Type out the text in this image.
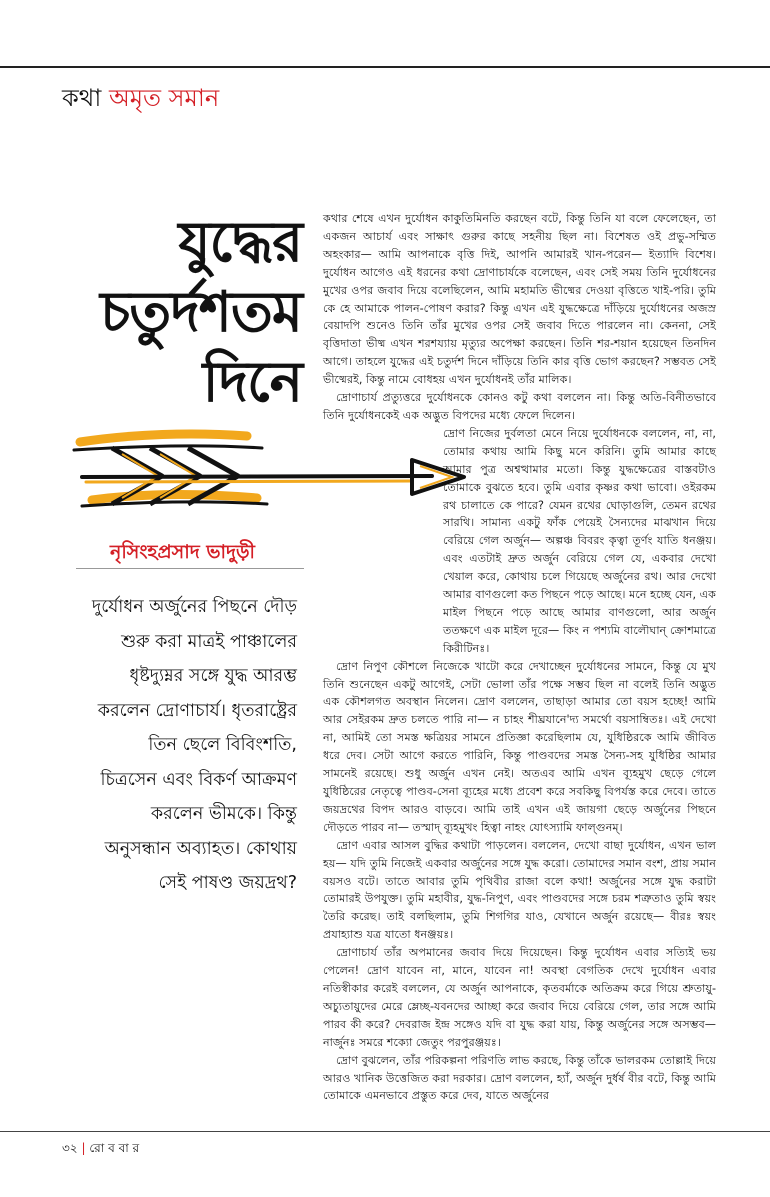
কথা অমৃত সমান
যুদ্ধের
চতুর্দশতম
দিনে
নৃসিংহপ্রসাদ ভাদুড়ী
দুর্যোধন অর্জুনের পিছনে দৌড় শুরু করা মাত্রই পাঞ্চালের ধৃষ্টদ্যুম্নর সঙ্গে যুদ্ধ আরম্ভ করলেন দ্রোণাচার্য। ধৃতরাষ্ট্রের তিন ছেলে বিবিংশতি, চিত্রসেন এবং বিকর্ণ আক্রমণ করলেন ভীমকে। কিন্তু অনুসন্ধান অব্যাহত। কোথায় সেই পাষণ্ড জয়দ্রথ?

কথার শেষে এখন দুর্যোধন কাকুতিমিনতি করছেন বটে, কিন্তু তিনি যা বলে ফেলেছেন, তা একজন আচার্য এবং সাক্ষাৎ গুরুর কাছে সহনীয় ছিল না। বিশেষত ওই প্রভু-সম্মিত অহংকার— আমি আপনাকে বৃত্তি দিই, আপনি আমারই খান-পরেন— ইত্যাদি বিশেষ। দুর্যোধন আগেও এই ধরনের কথা দ্রোণাচার্যকে বলেছেন, এবং সেই সময় তিনি দুর্যোধনের মুখের ওপর জবাব দিয়ে বলেছিলেন, আমি মহামতি ভীষ্মের দেওয়া বৃত্তিতে খাই-পরি। তুমি কে হে আমাকে পালন-পোষণ করার? কিন্তু এখন এই যুদ্ধক্ষেত্রে দাঁড়িয়ে দুর্যোধনের অজস্র বেয়াদপি শুনেও তিনি তাঁর মুখের ওপর সেই জবাব দিতে পারলেন না। কেননা, সেই বৃত্তিদাতা ভীষ্ম এখন শরশয্যায় মৃত্যুর অপেক্ষা করছেন। তিনি শর-শয়ান হয়েছেন তিনদিন আগে। তাহলে যুদ্ধের এই চতুর্দশ দিনে দাঁড়িয়ে তিনি কার বৃত্তি ভোগ করছেন? সম্ভবত সেই ভীষ্মেরই, কিন্তু নামে বোধহয় এখন দুর্যোধনই তাঁর মালিক।

দ্রোণাচার্য প্রত্যুত্তরে দুর্যোধনকে কোনও কটু কথা বললেন না। কিন্তু অতি-বিনীতভাবে তিনি দুর্যোধনকেই এক অদ্ভুত বিপদের মধ্যে ফেলে দিলেন।

দ্রোণ নিজের দুর্বলতা মেনে নিয়ে দুর্যোধনকে বললেন, না, না, তোমার কথায় আমি কিছু মনে করিনি। তুমি আমার কাছে আমার পুত্র অশ্বত্থামার মতো। কিন্তু যুদ্ধক্ষেত্রের বাস্তবটাও তোমাকে বুঝতে হবে। তুমি এবার কৃষ্ণর কথা ভাবো। ওইরকম রথ চালাতে কে পারে? যেমন রথের ঘোড়াগুলি, তেমন রথের সারথি। সামান্য একটু ফাঁক পেয়েই সৈন্যদের মাঝখান দিয়ে বেরিয়ে গেল অর্জুন— অল্পঞ্চ বিবরং কৃত্বা তূর্ণং যাতি ধনঞ্জয়। এবং এতটাই দ্রুত অর্জুন বেরিয়ে গেল যে, একবার দেখো খেয়াল করে, কোথায় চলে গিয়েছে অর্জুনের রথ। আর দেখো আমার বাণগুলো কত পিছনে পড়ে আছে। মনে হচ্ছে যেন, এক মাইল পিছনে পড়ে আছে আমার বাণগুলো, আর অর্জুন ততক্ষণে এক মাইল দূরে— কিং ন পশ্যমি বালৌঘান্ ক্রোশমাত্রে কিরীটিনঃ।

দ্রোণ নিপুণ কৌশলে নিজেকে খাটো করে দেখাচ্ছেন দুর্যোধনের সামনে, কিন্তু যে মুখ তিনি শুনেছেন একটু আগেই, সেটা ভোলা তাঁর পক্ষে সম্ভব ছিল না বলেই তিনি অদ্ভুত এক কৌশলগত অবস্থান নিলেন। দ্রোণ বললেন, তাছাড়া আমার তো বয়স হচ্ছে! আমি আর সেইরকম দ্রুত চলতে পারি না— ন চাহং শীঘ্রযানে'দ্য সমর্থো বয়সাম্বিতঃ। এই দেখো না, আমিই তো সমস্ত ক্ষত্রিয়র সামনে প্রতিজ্ঞা করেছিলাম যে, যুধিষ্ঠিরকে আমি জীবিত ধরে দেব। সেটা আগে করতে পারিনি, কিন্তু পাণ্ডবদের সমস্ত সৈন্য-সহ যুধিষ্ঠির আমার সামনেই রয়েছে। শুধু অর্জুন এখন নেই। অতএব আমি এখন ব্যূহমুখ ছেড়ে গেলে যুধিষ্ঠিরের নেতৃত্বে পাণ্ডব-সেনা ব্যূহের মধ্যে প্রবেশ করে সবকিছু বিপর্যস্ত করে দেবে। তাতে জয়দ্রথের বিপদ আরও বাড়বে। আমি তাই এখন এই জায়গা ছেড়ে অর্জুনের পিছনে দৌড়তে পারব না— তস্মাদ্ ব্যূহমুখং হিত্বা নাহং যোৎস্যামি ফাল্গুনম্।

দ্রোণ এবার আসল বুদ্ধির কথাটা পাড়লেন। বললেন, দেখো বাছা দুর্যোধন, এখন ভাল হয়— যদি তুমি নিজেই একবার অর্জুনের সঙ্গে যুদ্ধ করো। তোমাদের সমান বংশ, প্রায় সমান বয়সও বটে। তাতে আবার তুমি পৃথিবীর রাজা বলে কথা! অর্জুনের সঙ্গে যুদ্ধ করাটা তোমারই উপযুক্ত। তুমি মহাবীর, যুদ্ধ-নিপুণ, এবং পাণ্ডবদের সঙ্গে চরম শত্রুতাও তুমি স্বয়ং তৈরি করেছ। তাই বলছিলাম, তুমি শিগগির যাও, যেখানে অর্জুন রয়েছে— বীরঃ স্বয়ং প্রযাহ্যাশু যত্র যাতো ধনঞ্জয়ঃ।

দ্রোণাচার্য তাঁর অপমানের জবাব দিয়ে দিয়েছেন। কিন্তু দুর্যোধন এবার সত্যিই ভয় পেলেন! দ্রোণ যাবেন না, মানে, যাবেন না! অবস্থা বেগতিক দেখে দুর্যোধন এবার নতিস্বীকার করেই বললেন, যে অর্জুন আপনাকে, কৃতবর্মাকে অতিক্রম করে গিয়ে শ্রুতায়ু-অচ্যুতায়ুদের মেরে ম্লেচ্ছ-যবনদের আচ্ছা করে জবাব দিয়ে বেরিয়ে গেল, তার সঙ্গে আমি পারব কী করে? দেবরাজ ইন্দ্র সঙ্গেও যদি বা যুদ্ধ করা যায়, কিন্তু অর্জুনের সঙ্গে অসম্ভব— নার্জুনঃ সমরে শক্যো জেতুং পরপুরঞ্জয়ঃ।

দ্রোণ বুঝলেন, তাঁর পরিকল্পনা পরিণতি লাভ করছে, কিন্তু তাঁকে ভালরকম তোল্লাই দিয়ে আরও খানিক উত্তেজিত করা দরকার। দ্রোণ বললেন, হ্যাঁ, অর্জুন দুর্ধর্ষ বীর বটে, কিন্তু আমি তোমাকে এমনভাবে প্রস্তুত করে দেব, যাতে অর্জুনের

৩২ | রো ব বা র
